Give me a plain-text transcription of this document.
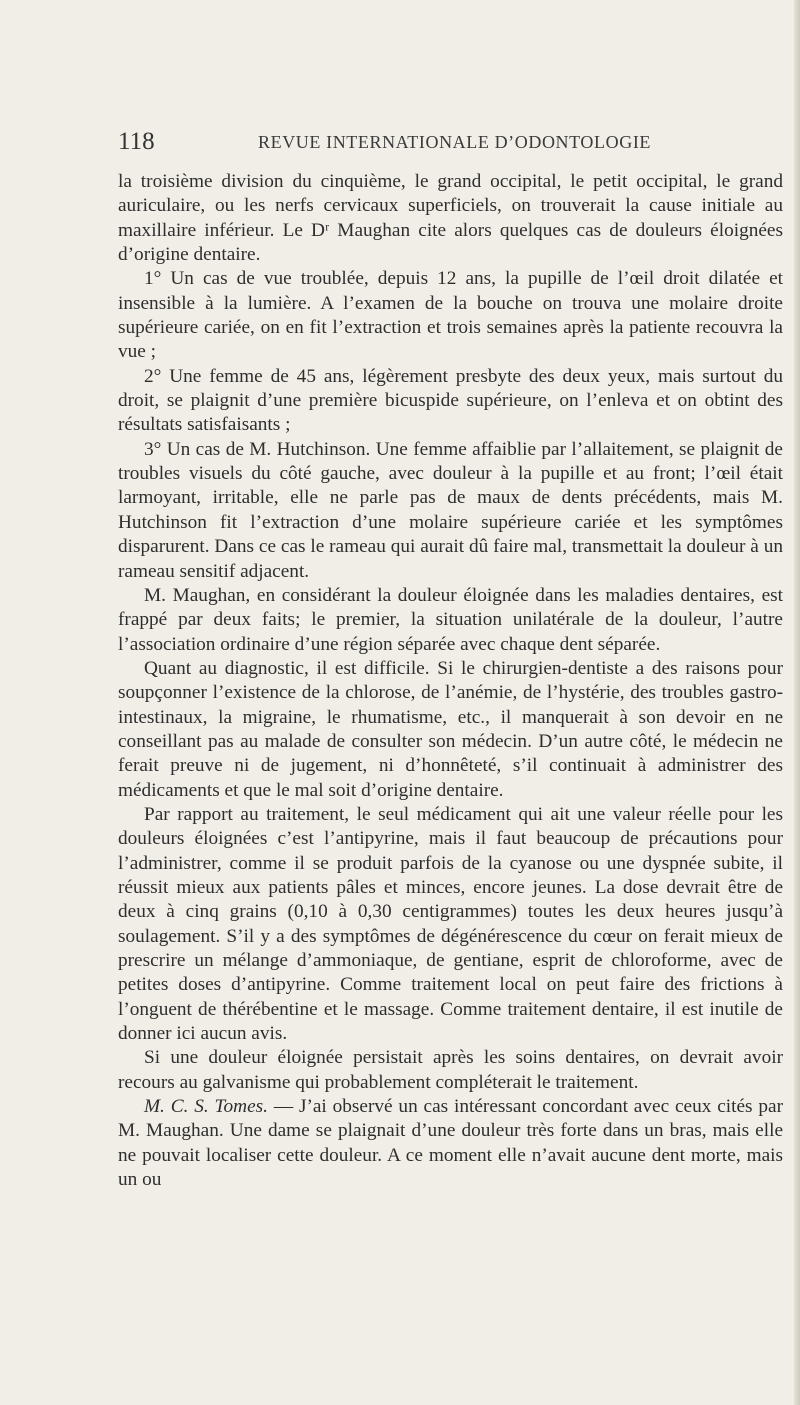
118	REVUE INTERNATIONALE D’ODONTOLOGIE

la troisième division du cinquième, le grand occipital, le petit occipital, le grand auriculaire, ou les nerfs cervicaux superficiels, on trouverait la cause initiale au maxillaire inférieur. Le Dʳ Maughan cite alors quelques cas de douleurs éloignées d’origine dentaire.

1° Un cas de vue troublée, depuis 12 ans, la pupille de l’œil droit dilatée et insensible à la lumière. A l’examen de la bouche on trouva une molaire droite supérieure cariée, on en fit l’extraction et trois semaines après la patiente recouvra la vue ;

2° Une femme de 45 ans, légèrement presbyte des deux yeux, mais surtout du droit, se plaignit d’une première bicuspide supérieure, on l’enleva et on obtint des résultats satisfaisants ;

3° Un cas de M. Hutchinson. Une femme affaiblie par l’allaitement, se plaignit de troubles visuels du côté gauche, avec douleur à la pupille et au front; l’œil était larmoyant, irritable, elle ne parle pas de maux de dents précédents, mais M. Hutchinson fit l’extraction d’une molaire supérieure cariée et les symptômes disparurent. Dans ce cas le rameau qui aurait dû faire mal, transmettait la douleur à un rameau sensitif adjacent.

M. Maughan, en considérant la douleur éloignée dans les maladies dentaires, est frappé par deux faits; le premier, la situation unilatérale de la douleur, l’autre l’association ordinaire d’une région séparée avec chaque dent séparée.

Quant au diagnostic, il est difficile. Si le chirurgien-dentiste a des raisons pour soupçonner l’existence de la chlorose, de l’anémie, de l’hystérie, des troubles gastro-intestinaux, la migraine, le rhumatisme, etc., il manquerait à son devoir en ne conseillant pas au malade de consulter son médecin. D’un autre côté, le médecin ne ferait preuve ni de jugement, ni d’honnêteté, s’il continuait à administrer des médicaments et que le mal soit d’origine dentaire.

Par rapport au traitement, le seul médicament qui ait une valeur réelle pour les douleurs éloignées c’est l’antipyrine, mais il faut beaucoup de précautions pour l’administrer, comme il se produit parfois de la cyanose ou une dyspnée subite, il réussit mieux aux patients pâles et minces, encore jeunes. La dose devrait être de deux à cinq grains (0,10 à 0,30 centigrammes) toutes les deux heures jusqu’à soulagement. S’il y a des symptômes de dégénérescence du cœur on ferait mieux de prescrire un mélange d’ammoniaque, de gentiane, esprit de chloroforme, avec de petites doses d’antipyrine. Comme traitement local on peut faire des frictions à l’onguent de thérébentine et le massage. Comme traitement dentaire, il est inutile de donner ici aucun avis.

Si une douleur éloignée persistait après les soins dentaires, on devrait avoir recours au galvanisme qui probablement compléterait le traitement.

M. C. S. Tomes. — J’ai observé un cas intéressant concordant avec ceux cités par M. Maughan. Une dame se plaignait d’une douleur très forte dans un bras, mais elle ne pouvait localiser cette douleur. A ce moment elle n’avait aucune dent morte, mais un ou
